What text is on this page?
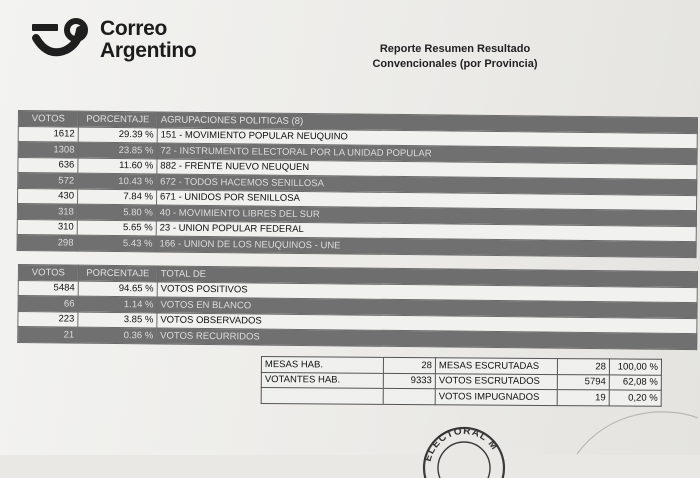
Correo
Argentino	Reporte Resumen Resultado
Convencionales (por Provincia)
VOTOS	PORCENTAJE	AGRUPACIONES POLITICAS (8)
1612	29.39 %	151 - MOVIMIENTO POPULAR NEUQUINO
1308	23.85 %	72 - INSTRUMENTO ELECTORAL POR LA UNIDAD POPULAR
636	11.60 %	882 - FRENTE NUEVO NEUQUEN
572	10.43 %	672 - TODOS HACEMOS SENILLOSA
430	7.84 %	671 - UNIDOS POR SENILLOSA
318	5.80 %	40 - MOVIMIENTO LIBRES DEL SUR
310	5.65 %	23 - UNION POPULAR FEDERAL
298	5.43 %	166 - UNION DE LOS NEUQUINOS - UNE
VOTOS	PORCENTAJE	TOTAL DE
5484	94.65 %	VOTOS POSITIVOS
66	1.14 %	VOTOS EN BLANCO
223	3.85 %	VOTOS OBSERVADOS
21	0.36 %	VOTOS RECURRIDOS
MESAS HAB.	28	MESAS ESCRUTADAS	28	100,00 %
VOTANTES HAB.	9333	VOTOS ESCRUTADOS	5794	62,08 %
		VOTOS IMPUGNADOS	19	0,20 %
ELECTORAL M
